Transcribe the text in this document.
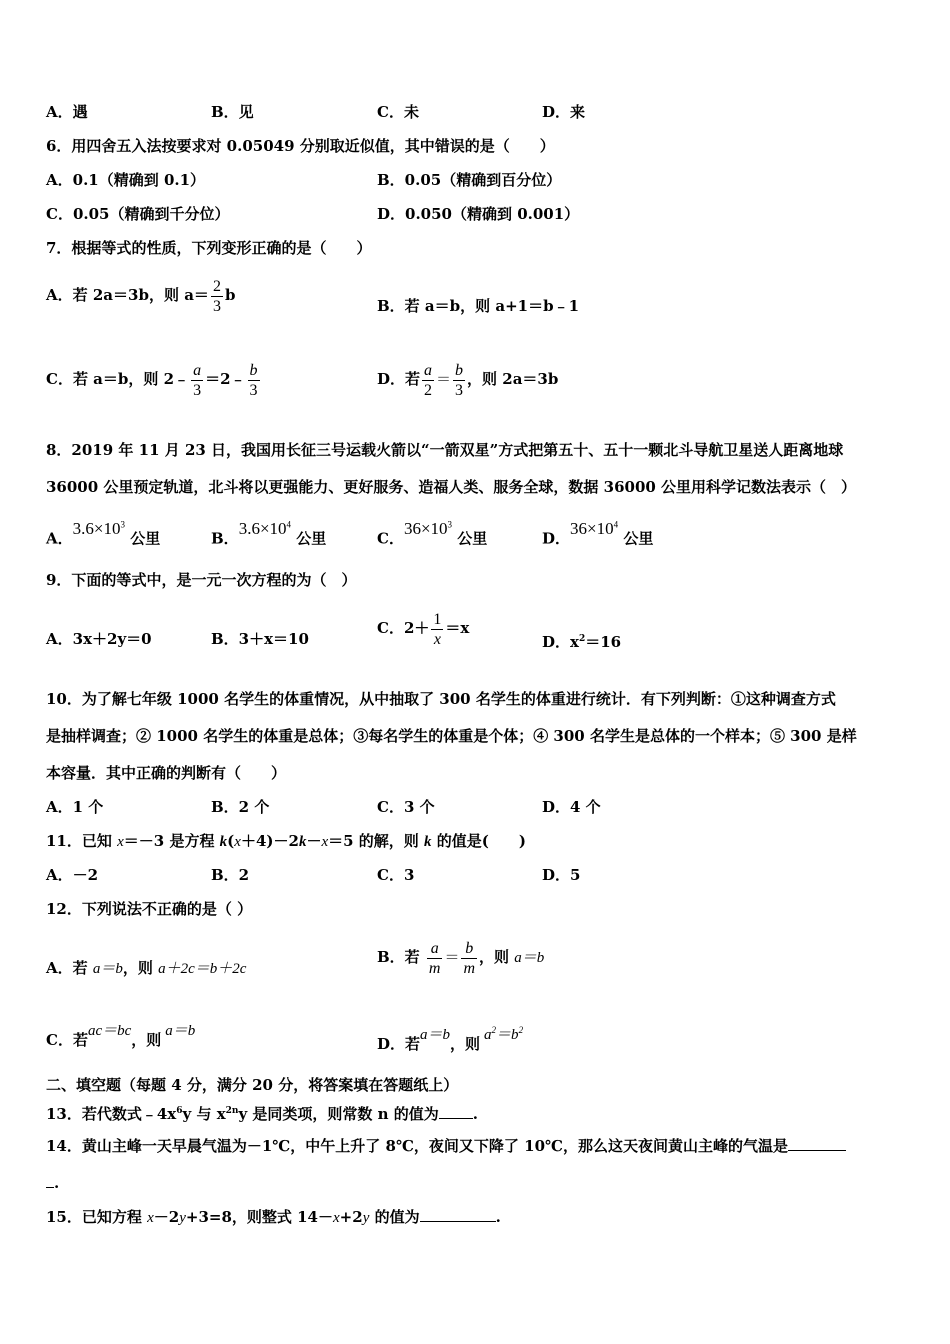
A．遇	B．见	C．未	D．来
6．用四舍五入法按要求对 0.05049 分别取近似值，其中错误的是（　　）
A．0.1（精确到 0.1）	B．0.05（精确到百分位）
C．0.05（精确到千分位）	D．0.050（精确到 0.001）
7．根据等式的性质，下列变形正确的是（　　）
A．若 2a＝3b，则 $a= \frac{2}{3}$ b
B．若 a＝b，则 a+1＝b﹣1
C．若 a＝b，则 2﹣ $\frac{a}{3}$ ＝2﹣ $\frac{b}{3}$	D．若 $\frac{a}{2} = \frac{b}{3}$ ，则 2a＝3b
8．2019 年 11 月 23 日，我国用长征三号运载火箭以“一箭双星”方式把第五十、五十一颗北斗导航卫星送人距离地球
36000 公里预定轨道，北斗将以更强能力、更好服务、造福人类、服务全球，数据 36000 公里用科学记数法表示（　）
A．$3.6\times 10^3$ 公里	B．$3.6\times 10^4$ 公里	C．$36\times 10^3$ 公里	D．$36\times 10^4$ 公里
9．下面的等式中，是一元一次方程的为（　）
A．3x＋2y＝0	B．3＋x＝10
C．$2+ \frac{1}{x} =x$
D．$x^2=16$
10．为了解七年级 1000 名学生的体重情况，从中抽取了 300 名学生的体重进行统计．有下列判断：①这种调查方式
是抽样调查；② 1000 名学生的体重是总体；③每名学生的体重是个体；④ 300 名学生是总体的一个样本；⑤ 300 是样
本容量．其中正确的判断有（　　）
A．1 个	B．2 个	C．3 个	D．4 个
11．已知 x＝－3 是方程 k(x＋4)－2k－x＝5 的解，则 k 的值是(　　)
A．－2	B．2	C．3	D．5
12．下列说法不正确的是（ ）
A．若 a＝b，则 a＋2c＝b＋2c
B．若 $\frac{a}{m} = \frac{b}{m}$ ，则 a＝b
C．若ac＝bc，则 a＝b
D．若a＝b，则 $a^2=b^2$
二、填空题（每题 4 分，满分 20 分，将答案填在答题纸上）
13．若代数式$﹣4x^6y$ 与 $x^{2n}y$ 是同类项，则常数 n 的值为 .
14．黄山主峰一天早晨气温为－1℃，中午上升了 8℃，夜间又下降了 10℃，那么这天夜间黄山主峰的气温是
.
15．已知方程 x－2y+3=8，则整式 14－x+2y 的值为	.
